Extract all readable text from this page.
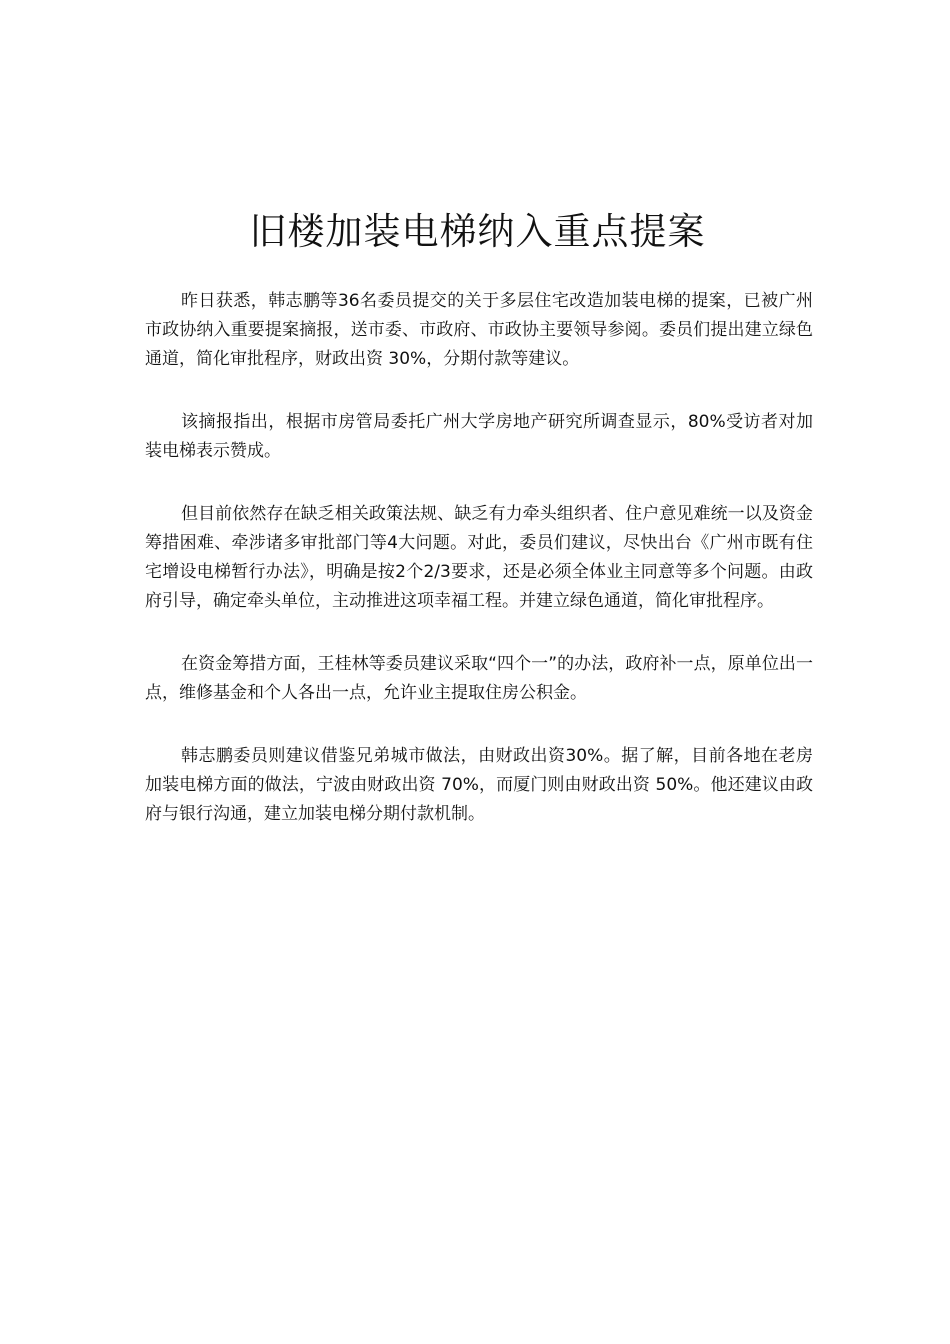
旧楼加装电梯纳入重点提案

昨日获悉，韩志鹏等36名委员提交的关于多层住宅改造加装电梯的提案，已被广州市政协纳入重要提案摘报，送市委、市政府、市政协主要领导参阅。委员们提出建立绿色通道，简化审批程序，财政出资 30%，分期付款等建议。

该摘报指出，根据市房管局委托广州大学房地产研究所调查显示，80%受访者对加装电梯表示赞成。

但目前依然存在缺乏相关政策法规、缺乏有力牵头组织者、住户意见难统一以及资金筹措困难、牵涉诸多审批部门等4大问题。对此，委员们建议，尽快出台《广州市既有住宅增设电梯暂行办法》，明确是按2个2/3要求，还是必须全体业主同意等多个问题。由政府引导，确定牵头单位，主动推进这项幸福工程。并建立绿色通道，简化审批程序。

在资金筹措方面，王桂林等委员建议采取“四个一”的办法，政府补一点，原单位出一点，维修基金和个人各出一点，允许业主提取住房公积金。

韩志鹏委员则建议借鉴兄弟城市做法，由财政出资30%。据了解，目前各地在老房加装电梯方面的做法，宁波由财政出资 70%，而厦门则由财政出资 50%。他还建议由政府与银行沟通，建立加装电梯分期付款机制。
